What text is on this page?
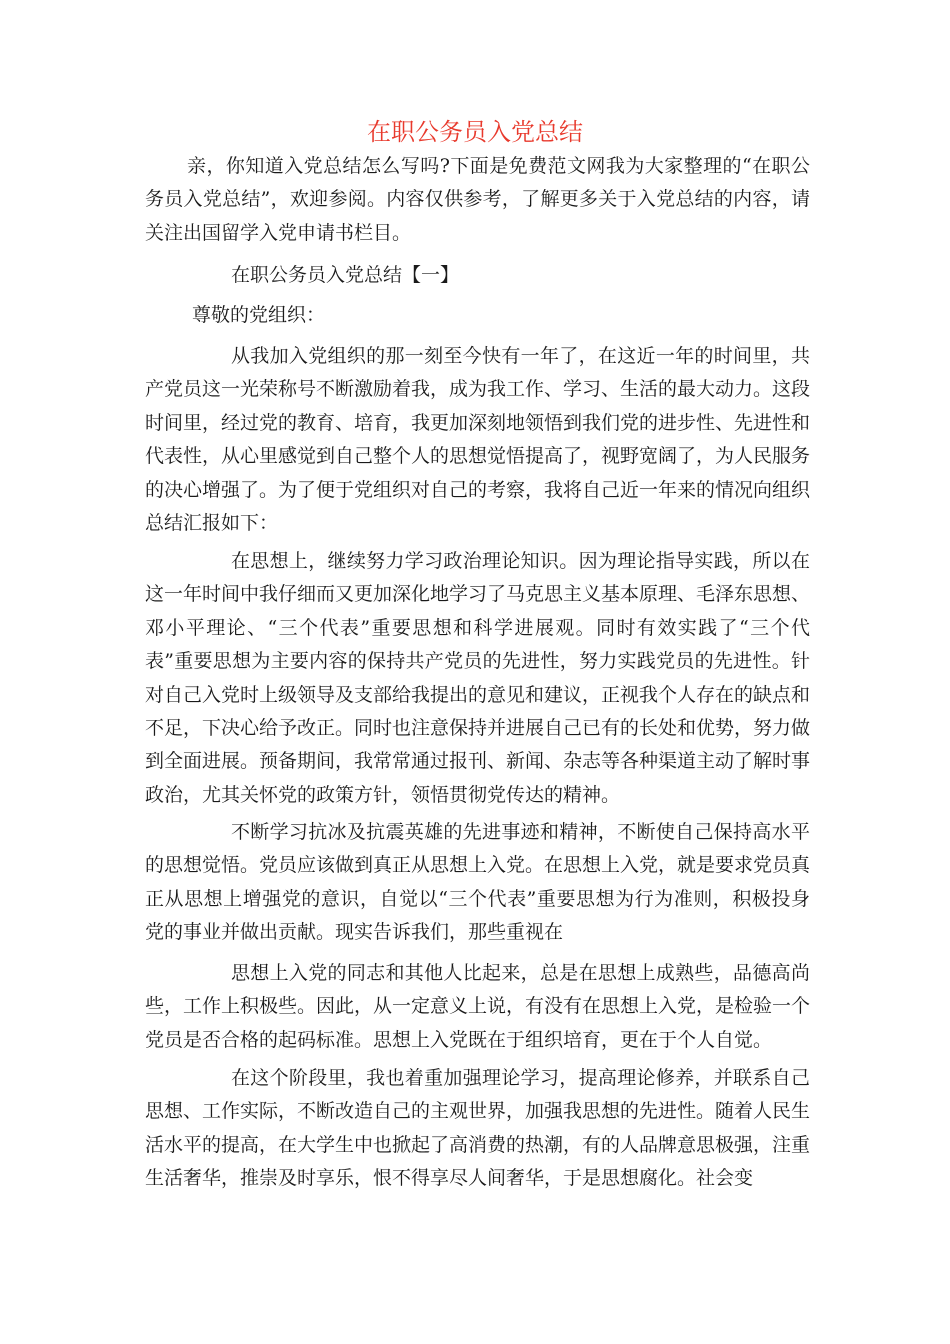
在职公务员入党总结

亲，你知道入党总结怎么写吗?下面是免费范文网我为大家整理的“在职公务员入党总结”，欢迎参阅。内容仅供参考，了解更多关于入党总结的内容，请关注出国留学入党申请书栏目。

在职公务员入党总结【一】

尊敬的党组织：

从我加入党组织的那一刻至今快有一年了，在这近一年的时间里，共产党员这一光荣称号不断激励着我，成为我工作、学习、生活的最大动力。这段时间里，经过党的教育、培育，我更加深刻地领悟到我们党的进步性、先进性和代表性，从心里感觉到自己整个人的思想觉悟提高了，视野宽阔了，为人民服务的决心增强了。为了便于党组织对自己的考察，我将自己近一年来的情况向组织总结汇报如下：

在思想上，继续努力学习政治理论知识。因为理论指导实践，所以在这一年时间中我仔细而又更加深化地学习了马克思主义基本原理、毛泽东思想、邓小平理论、“三个代表”重要思想和科学进展观。同时有效实践了“三个代表”重要思想为主要内容的保持共产党员的先进性，努力实践党员的先进性。针对自己入党时上级领导及支部给我提出的意见和建议，正视我个人存在的缺点和不足，下决心给予改正。同时也注意保持并进展自己已有的长处和优势，努力做到全面进展。预备期间，我常常通过报刊、新闻、杂志等各种渠道主动了解时事政治，尤其关怀党的政策方针，领悟贯彻党传达的精神。

不断学习抗冰及抗震英雄的先进事迹和精神，不断使自己保持高水平的思想觉悟。党员应该做到真正从思想上入党。在思想上入党，就是要求党员真正从思想上增强党的意识，自觉以“三个代表”重要思想为行为准则，积极投身党的事业并做出贡献。现实告诉我们，那些重视在

思想上入党的同志和其他人比起来，总是在思想上成熟些，品德高尚些，工作上积极些。因此，从一定意义上说，有没有在思想上入党，是检验一个党员是否合格的起码标准。思想上入党既在于组织培育，更在于个人自觉。

在这个阶段里，我也着重加强理论学习，提高理论修养，并联系自己思想、工作实际，不断改造自己的主观世界，加强我思想的先进性。随着人民生活水平的提高，在大学生中也掀起了高消费的热潮，有的人品牌意思极强，注重生活奢华，推崇及时享乐，恨不得享尽人间奢华，于是思想腐化。社会变
